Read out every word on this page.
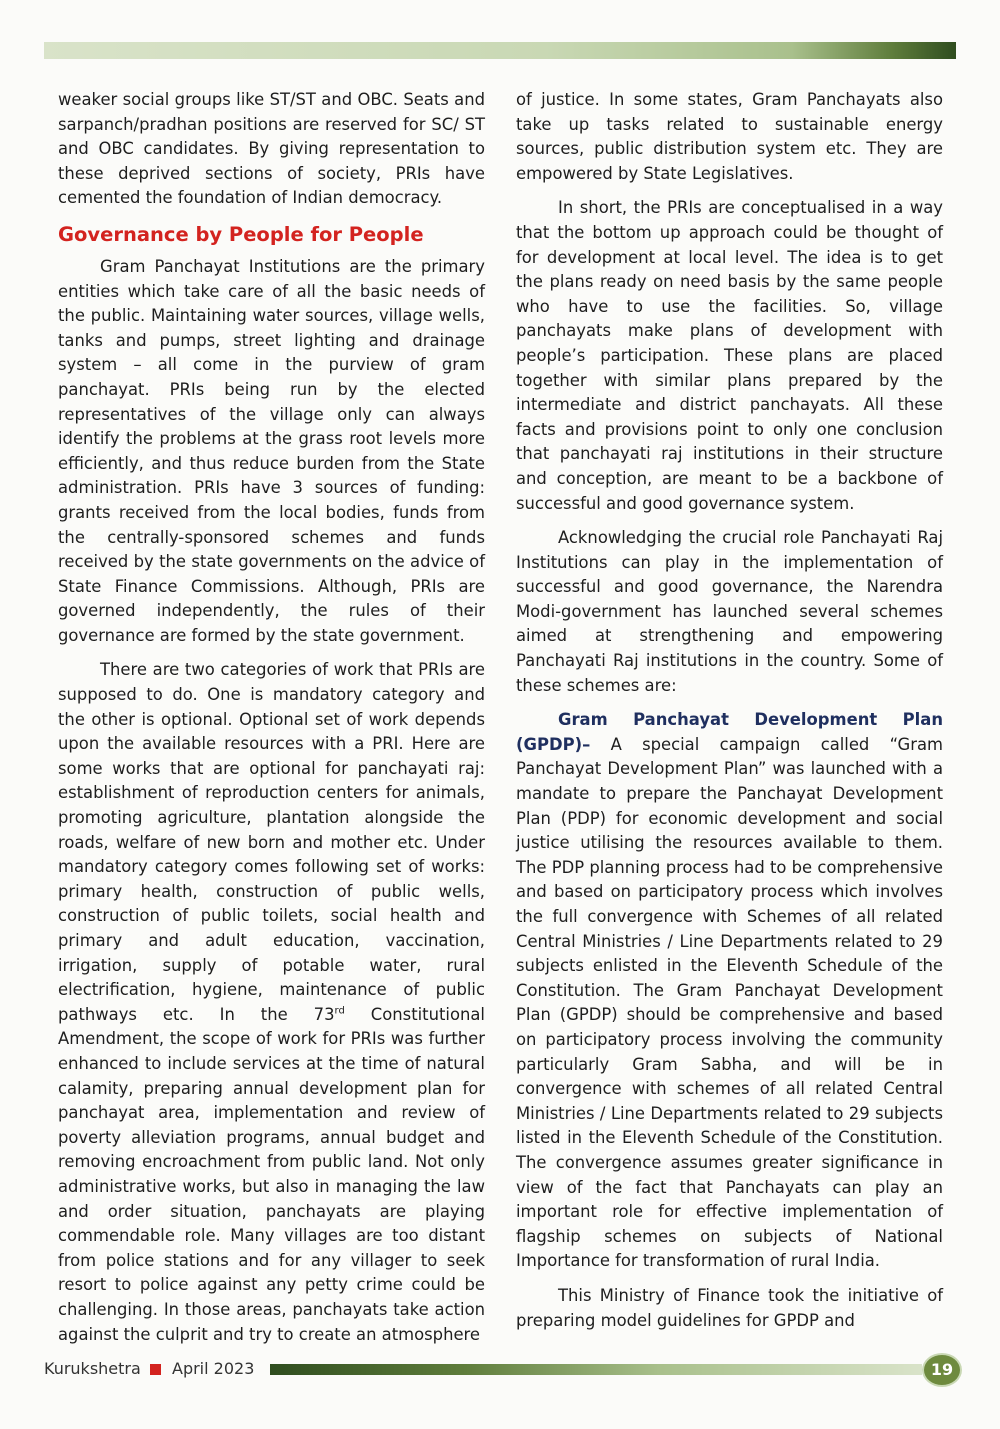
weaker social groups like ST/ST and OBC. Seats and sarpanch/pradhan positions are reserved for SC/ ST and OBC candidates. By giving representation to these deprived sections of society, PRIs have cemented the foundation of Indian democracy.

Governance by People for People

Gram Panchayat Institutions are the primary entities which take care of all the basic needs of the public. Maintaining water sources, village wells, tanks and pumps, street lighting and drainage system – all come in the purview of gram panchayat. PRIs being run by the elected representatives of the village only can always identify the problems at the grass root levels more efficiently, and thus reduce burden from the State administration. PRIs have 3 sources of funding: grants received from the local bodies, funds from the centrally-sponsored schemes and funds received by the state governments on the advice of State Finance Commissions. Although, PRIs are governed independently, the rules of their governance are formed by the state government.

There are two categories of work that PRIs are supposed to do. One is mandatory category and the other is optional. Optional set of work depends upon the available resources with a PRI. Here are some works that are optional for panchayati raj: establishment of reproduction centers for animals, promoting agriculture, plantation alongside the roads, welfare of new born and mother etc. Under mandatory category comes following set of works: primary health, construction of public wells, construction of public toilets, social health and primary and adult education, vaccination, irrigation, supply of potable water, rural electrification, hygiene, maintenance of public pathways etc. In the 73rd Constitutional Amendment, the scope of work for PRIs was further enhanced to include services at the time of natural calamity, preparing annual development plan for panchayat area, implementation and review of poverty alleviation programs, annual budget and removing encroachment from public land. Not only administrative works, but also in managing the law and order situation, panchayats are playing commendable role. Many villages are too distant from police stations and for any villager to seek resort to police against any petty crime could be challenging. In those areas, panchayats take action against the culprit and try to create an atmosphere

of justice. In some states, Gram Panchayats also take up tasks related to sustainable energy sources, public distribution system etc. They are empowered by State Legislatives.

In short, the PRIs are conceptualised in a way that the bottom up approach could be thought of for development at local level. The idea is to get the plans ready on need basis by the same people who have to use the facilities. So, village panchayats make plans of development with people’s participation. These plans are placed together with similar plans prepared by the intermediate and district panchayats. All these facts and provisions point to only one conclusion that panchayati raj institutions in their structure and conception, are meant to be a backbone of successful and good governance system.

Acknowledging the crucial role Panchayati Raj Institutions can play in the implementation of successful and good governance, the Narendra Modi-government has launched several schemes aimed at strengthening and empowering Panchayati Raj institutions in the country. Some of these schemes are:

Gram Panchayat Development Plan (GPDP)– A special campaign called “Gram Panchayat Development Plan” was launched with a mandate to prepare the Panchayat Development Plan (PDP) for economic development and social justice utilising the resources available to them. The PDP planning process had to be comprehensive and based on participatory process which involves the full convergence with Schemes of all related Central Ministries / Line Departments related to 29 subjects enlisted in the Eleventh Schedule of the Constitution. The Gram Panchayat Development Plan (GPDP) should be comprehensive and based on participatory process involving the community particularly Gram Sabha, and will be in convergence with schemes of all related Central Ministries / Line Departments related to 29 subjects listed in the Eleventh Schedule of the Constitution. The convergence assumes greater significance in view of the fact that Panchayats can play an important role for effective implementation of flagship schemes on subjects of National Importance for transformation of rural India.

This Ministry of Finance took the initiative of preparing model guidelines for GPDP and

Kurukshetra April 2023	19
